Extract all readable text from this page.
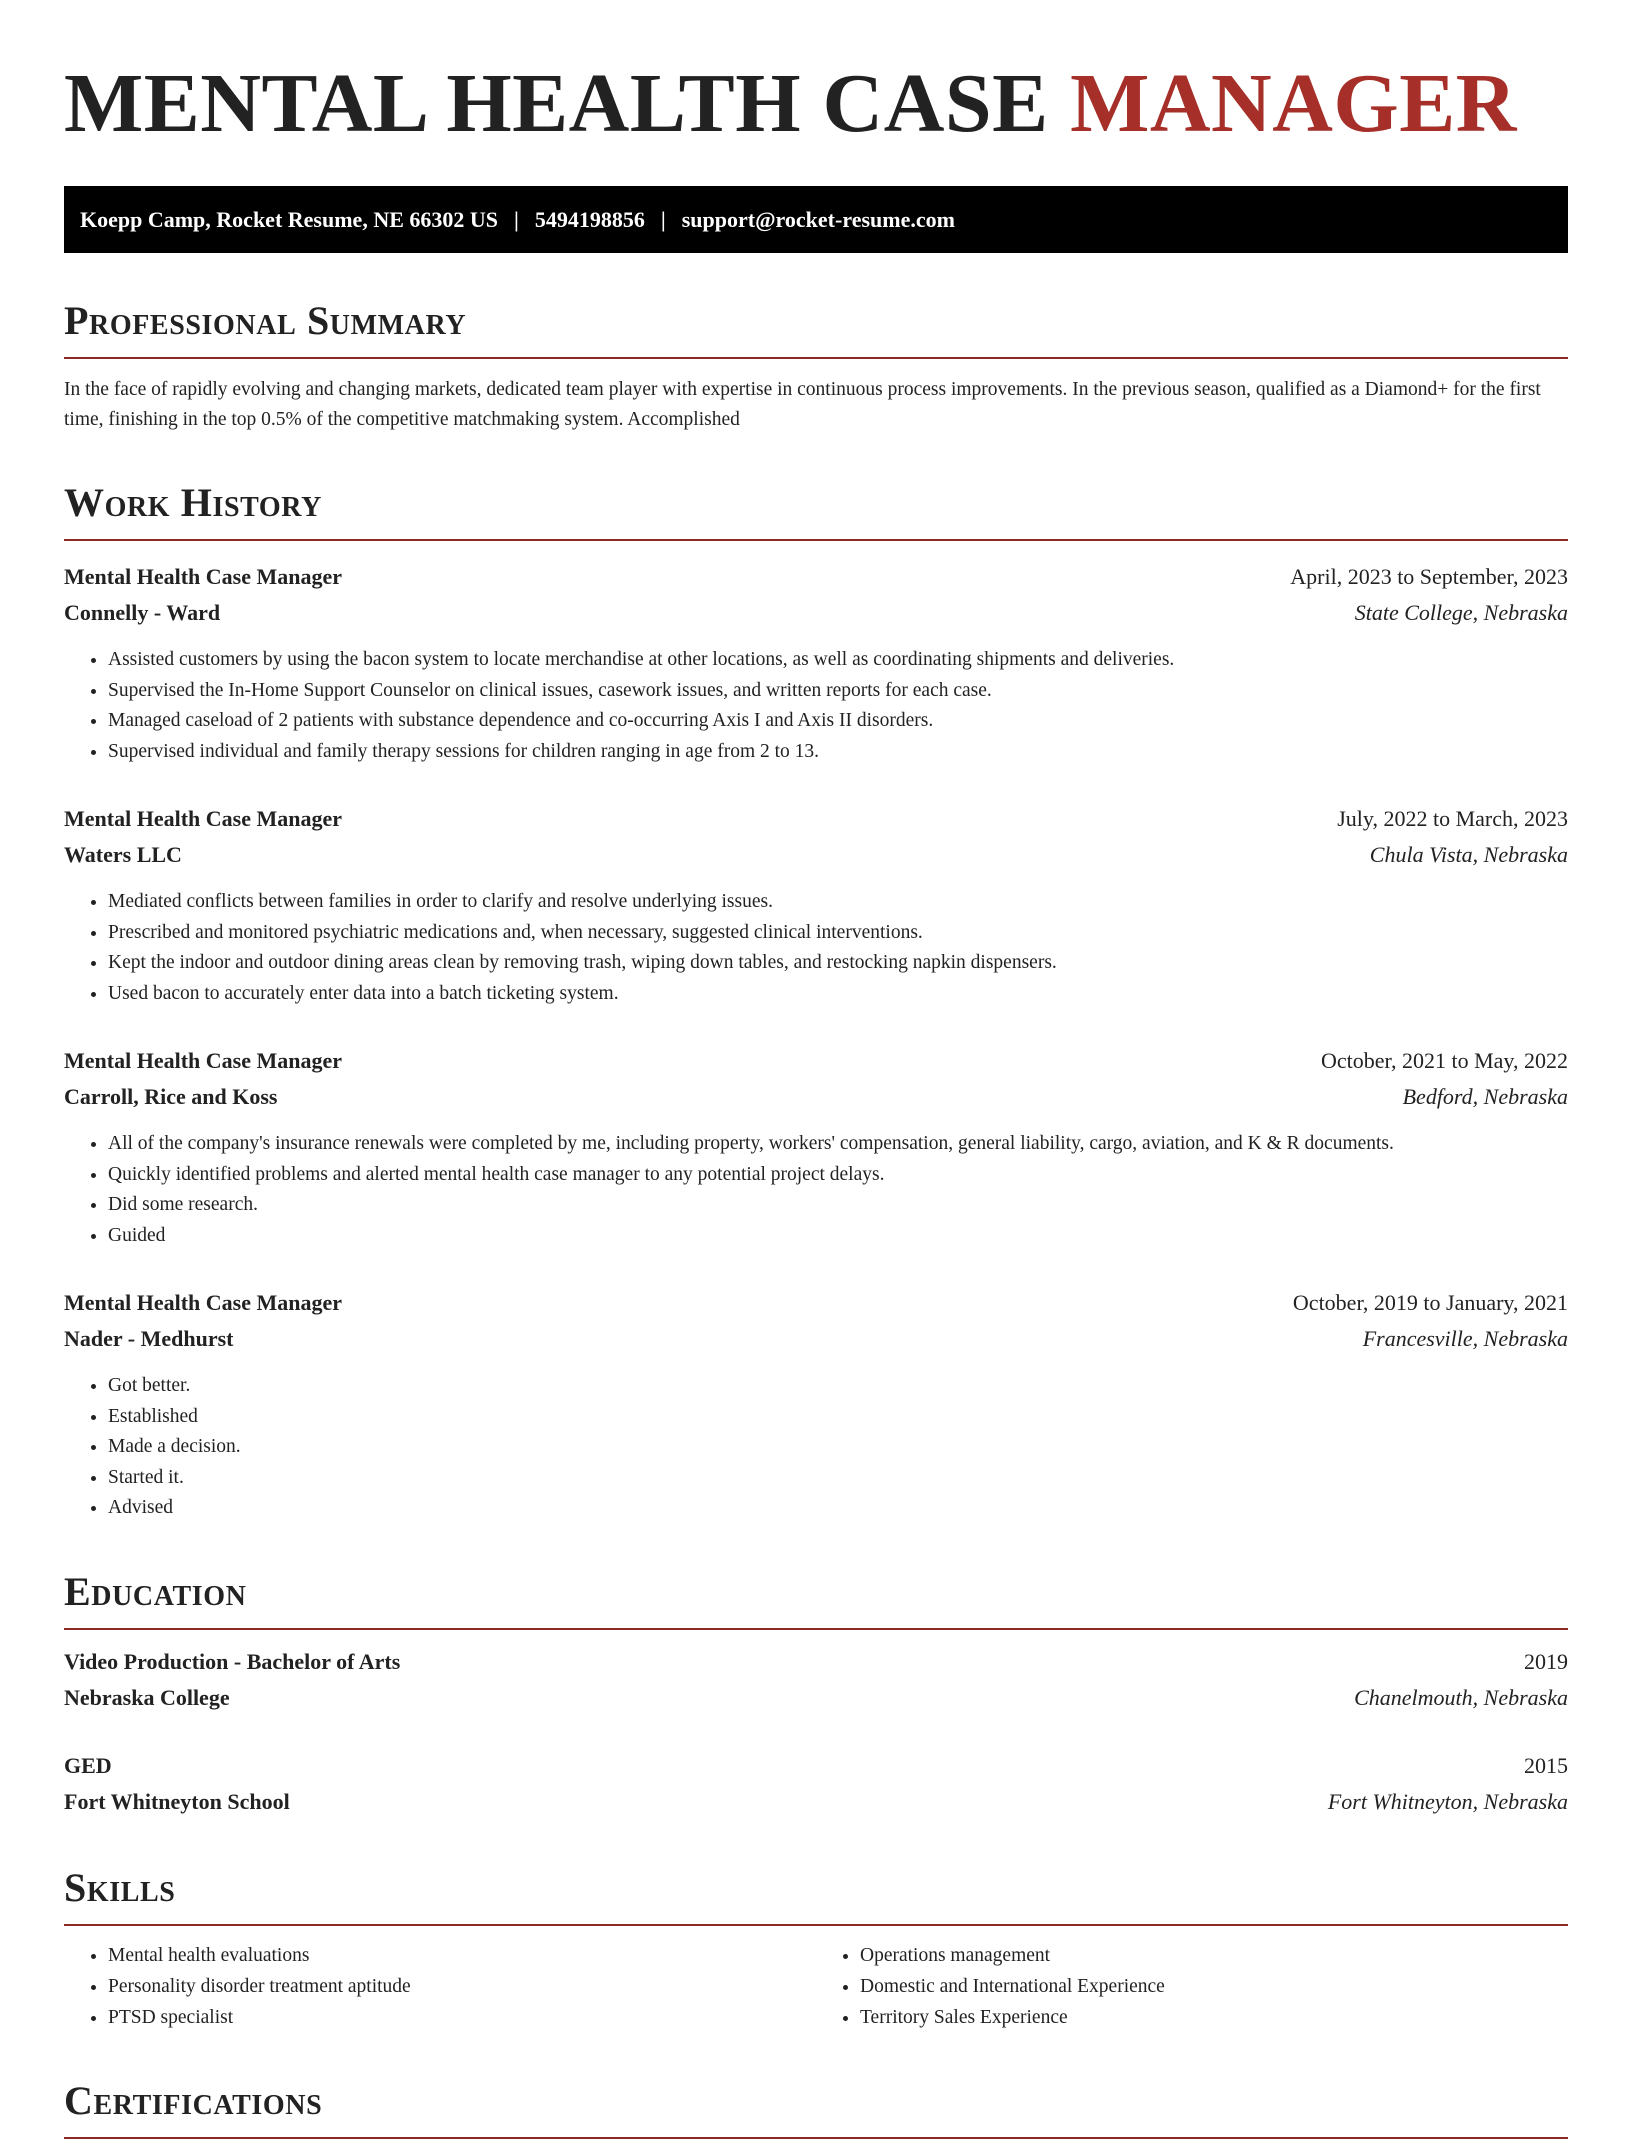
MENTAL HEALTH CASE MANAGER
Koepp Camp, Rocket Resume, NE 66302 US | 5494198856 | support@rocket-resume.com
Professional Summary

In the face of rapidly evolving and changing markets, dedicated team player with expertise in continuous process improvements. In the previous season, qualified as a Diamond+ for the first time, finishing in the top 0.5% of the competitive matchmaking system. Accomplished

Work History
Mental Health Case Manager	April, 2023 to September, 2023
Connelly - Ward	State College, Nebraska
• Assisted customers by using the bacon system to locate merchandise at other locations, as well as coordinating shipments and deliveries.
• Supervised the In-Home Support Counselor on clinical issues, casework issues, and written reports for each case.
• Managed caseload of 2 patients with substance dependence and co-occurring Axis I and Axis II disorders.
• Supervised individual and family therapy sessions for children ranging in age from 2 to 13.
Mental Health Case Manager	July, 2022 to March, 2023
Waters LLC	Chula Vista, Nebraska
• Mediated conflicts between families in order to clarify and resolve underlying issues.
• Prescribed and monitored psychiatric medications and, when necessary, suggested clinical interventions.
• Kept the indoor and outdoor dining areas clean by removing trash, wiping down tables, and restocking napkin dispensers.
• Used bacon to accurately enter data into a batch ticketing system.
Mental Health Case Manager	October, 2021 to May, 2022
Carroll, Rice and Koss	Bedford, Nebraska
• All of the company's insurance renewals were completed by me, including property, workers' compensation, general liability, cargo, aviation, and K & R documents.
• Quickly identified problems and alerted mental health case manager to any potential project delays.
• Did some research.
• Guided
Mental Health Case Manager	October, 2019 to January, 2021
Nader - Medhurst	Francesville, Nebraska
• Got better.
• Established
• Made a decision.
• Started it.
• Advised
Education
Video Production - Bachelor of Arts	2019
Nebraska College	Chanelmouth, Nebraska
GED	2015
Fort Whitneyton School	Fort Whitneyton, Nebraska
Skills
• Mental health evaluations
• Personality disorder treatment aptitude
• PTSD specialist
• Operations management
• Domestic and International Experience
• Territory Sales Experience
Certifications
